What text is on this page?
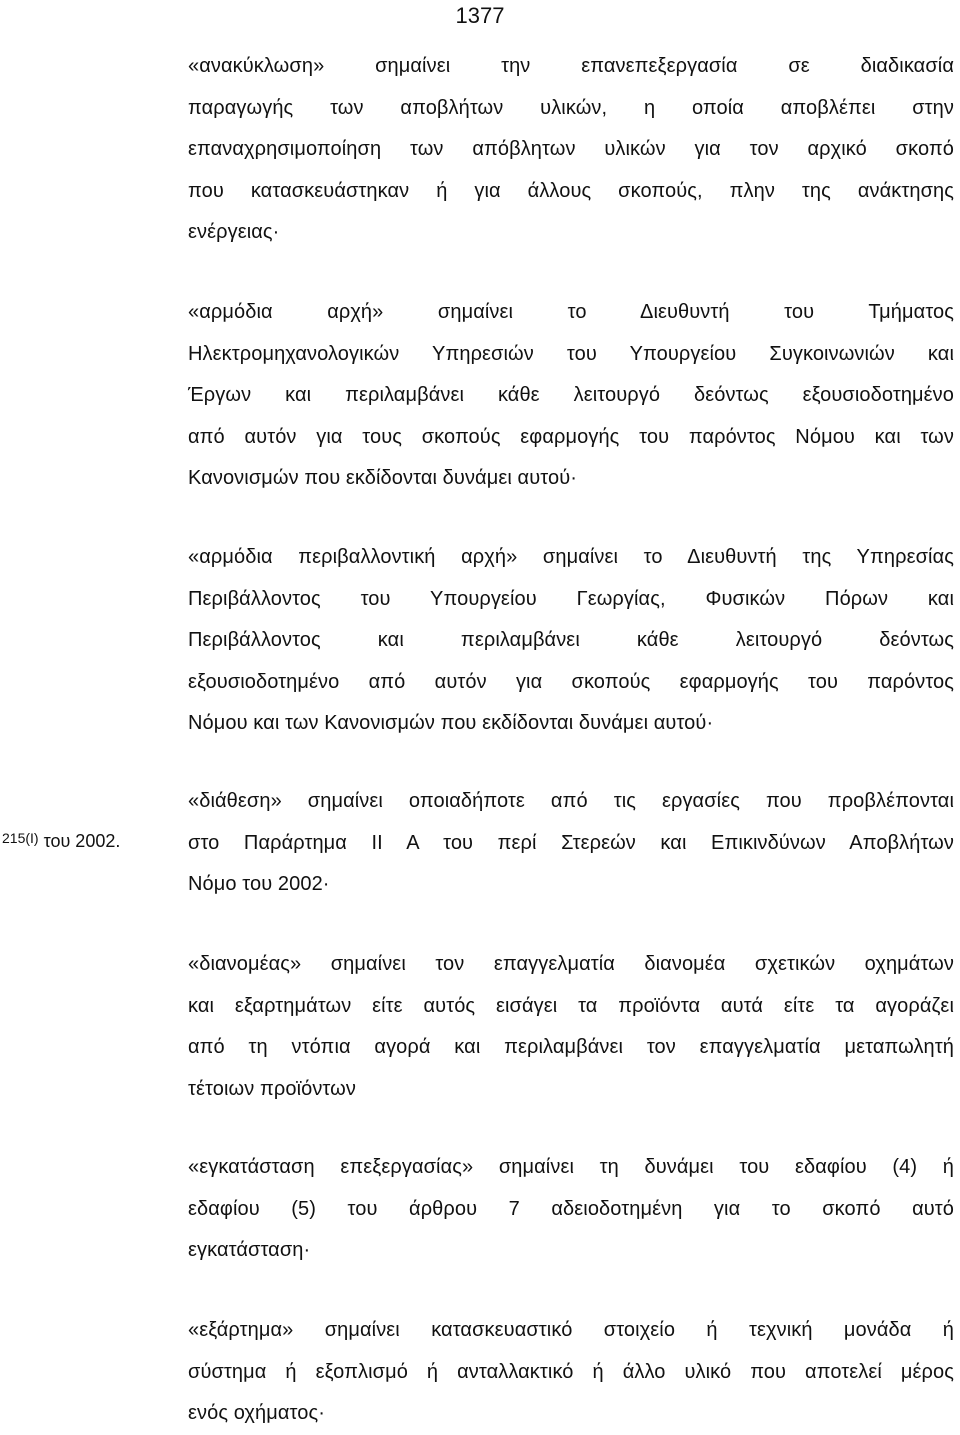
1377
«ανακύκλωση» σημαίνει την επανεπεξεργασία σε διαδικασία
παραγωγής των αποβλήτων υλικών, η οποία αποβλέπει στην
επαναχρησιμοποίηση των απόβλητων υλικών για τον αρχικό σκοπό
που κατασκευάστηκαν ή για άλλους σκοπούς, πλην της ανάκτησης
ενέργειας·
«αρμόδια αρχή» σημαίνει το Διευθυντή του Τμήματος
Ηλεκτρομηχανολογικών Υπηρεσιών του Υπουργείου Συγκοινωνιών και
Έργων και περιλαμβάνει κάθε λειτουργό δεόντως εξουσιοδοτημένο
από αυτόν για τους σκοπούς εφαρμογής του παρόντος Νόμου και των
Κανονισμών που εκδίδονται δυνάμει αυτού·
«αρμόδια περιβαλλοντική αρχή» σημαίνει το Διευθυντή της Υπηρεσίας
Περιβάλλοντος του Υπουργείου Γεωργίας, Φυσικών Πόρων και
Περιβάλλοντος και περιλαμβάνει κάθε λειτουργό δεόντως
εξουσιοδοτημένο από αυτόν για σκοπούς εφαρμογής του παρόντος
Νόμου και των Κανονισμών που εκδίδονται δυνάμει αυτού·
$^{215(I)}$ του 2002.
«διάθεση» σημαίνει οποιαδήποτε από τις εργασίες που προβλέπονται
στο Παράρτημα ΙΙ Α του περί Στερεών και Επικινδύνων Αποβλήτων
Νόμο του 2002·
«διανομέας» σημαίνει τον επαγγελματία διανομέα σχετικών οχημάτων
και εξαρτημάτων είτε αυτός εισάγει τα προϊόντα αυτά είτε τα αγοράζει
από τη ντόπια αγορά και περιλαμβάνει τον επαγγελματία μεταπωλητή
τέτοιων προϊόντων
«εγκατάσταση επεξεργασίας» σημαίνει τη δυνάμει του εδαφίου (4) ή
εδαφίου (5) του άρθρου 7 αδειοδοτημένη για το σκοπό αυτό
εγκατάσταση·
«εξάρτημα» σημαίνει κατασκευαστικό στοιχείο ή τεχνική μονάδα ή
σύστημα ή εξοπλισμό ή ανταλλακτικό ή άλλο υλικό που αποτελεί μέρος
ενός οχήματος·
